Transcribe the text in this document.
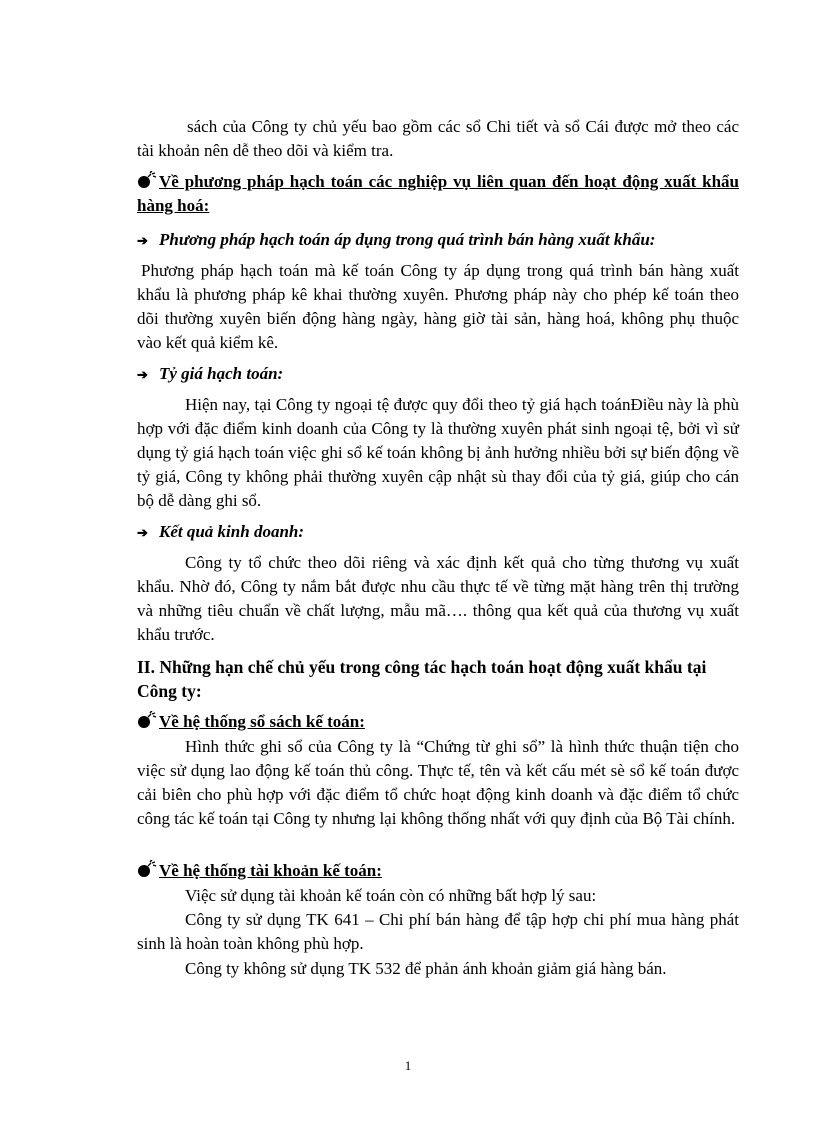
sách của Công ty chủ yếu bao gồm các sổ Chi tiết và sổ Cái được mở theo các tài khoản nên dễ theo dõi và kiểm tra.
Về phương pháp hạch toán các nghiệp vụ liên quan đến hoạt động xuất khẩu hàng hoá:
➔ Phương pháp hạch toán áp dụng trong quá trình bán hàng xuất khẩu:
Phương pháp hạch toán mà kế toán Công ty áp dụng trong quá trình bán hàng xuất khẩu là phương pháp kê khai thường xuyên. Phương pháp này cho phép kế toán theo dõi thường xuyên biến động hàng ngày, hàng giờ tài sản, hàng hoá, không phụ thuộc vào kết quả kiểm kê.
➔ Tỷ giá hạch toán:
Hiện nay, tại Công ty ngoại tệ được quy đổi theo tỷ giá hạch toánĐiều này là phù hợp với đặc điểm kinh doanh của Công ty là thường xuyên phát sinh ngoại tệ, bởi vì sử dụng tỷ giá hạch toán việc ghi sổ kế toán không bị ảnh hưởng nhiều bởi sự biến động về tỷ giá, Công ty không phải thường xuyên cập nhật sù thay đổi của tỷ giá, giúp cho cán bộ dễ dàng ghi sổ.
➔ Kết quả kinh doanh:
Công ty tổ chức theo dõi riêng và xác định kết quả cho từng thương vụ xuất khẩu. Nhờ đó, Công ty nắm bắt được nhu cầu thực tế về từng mặt hàng trên thị trường và những tiêu chuẩn về chất lượng, mẫu mã…. thông qua kết quả của thương vụ xuất khẩu trước.
II. Những hạn chế chủ yếu trong công tác hạch toán hoạt động xuất khẩu tại Công ty:
Về hệ thống sổ sách kế toán:
Hình thức ghi sổ của Công ty là “Chứng từ ghi sổ” là hình thức thuận tiện cho việc sử dụng lao động kế toán thủ công. Thực tế, tên và kết cấu mét sè sổ kế toán được cải biên cho phù hợp với đặc điểm tổ chức hoạt động kinh doanh và đặc điểm tổ chức công tác kế toán tại Công ty nhưng lại không thống nhất với quy định của Bộ Tài chính.
Về hệ thống tài khoản kế toán:
Việc sử dụng tài khoản kế toán còn có những bất hợp lý sau:
Công ty sử dụng TK 641 – Chi phí bán hàng để tập hợp chi phí mua hàng phát sinh là hoàn toàn không phù hợp.
Công ty không sử dụng TK 532 để phản ánh khoản giảm giá hàng bán.
1
